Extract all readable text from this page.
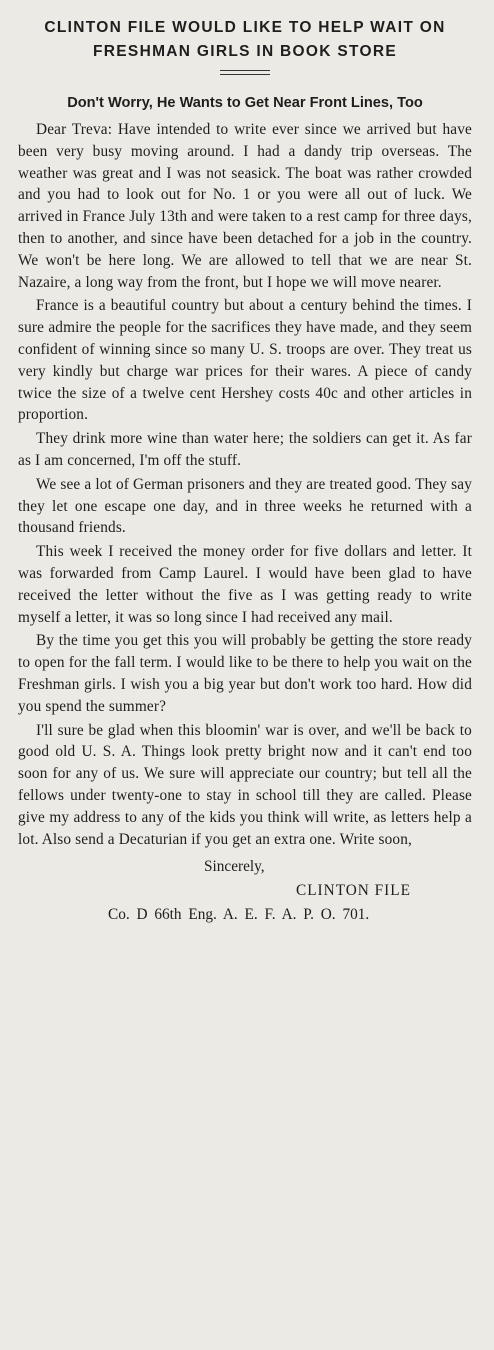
CLINTON FILE WOULD LIKE TO HELP WAIT ON FRESHMAN GIRLS IN BOOK STORE
Don't Worry, He Wants to Get Near Front Lines, Too

Dear Treva: Have intended to write ever since we arrived but have been very busy moving around. I had a dandy trip overseas. The weather was great and I was not seasick. The boat was rather crowded and you had to look out for No. 1 or you were all out of luck. We arrived in France July 13th and were taken to a rest camp for three days, then to another, and since have been detached for a job in the country. We won't be here long. We are allowed to tell that we are near St. Nazaire, a long way from the front, but I hope we will move nearer.

France is a beautiful country but about a century behind the times. I sure admire the people for the sacrifices they have made, and they seem confident of winning since so many U. S. troops are over. They treat us very kindly but charge war prices for their wares. A piece of candy twice the size of a twelve cent Hershey costs 40c and other articles in proportion.

They drink more wine than water here; the soldiers can get it. As far as I am concerned, I'm off the stuff.

We see a lot of German prisoners and they are treated good. They say they let one escape one day, and in three weeks he returned with a thousand friends.

This week I received the money order for five dollars and letter. It was forwarded from Camp Laurel. I would have been glad to have received the letter without the five as I was getting ready to write myself a letter, it was so long since I had received any mail.

By the time you get this you will probably be getting the store ready to open for the fall term. I would like to be there to help you wait on the Freshman girls. I wish you a big year but don't work too hard. How did you spend the summer?

I'll sure be glad when this bloomin' war is over, and we'll be back to good old U. S. A. Things look pretty bright now and it can't end too soon for any of us. We sure will appreciate our country; but tell all the fellows under twenty-one to stay in school till they are called. Please give my address to any of the kids you think will write, as letters help a lot. Also send a Decaturian if you get an extra one. Write soon,

Sincerely,
CLINTON FILE
Co. D 66th Eng. A. E. F. A. P. O. 701.
